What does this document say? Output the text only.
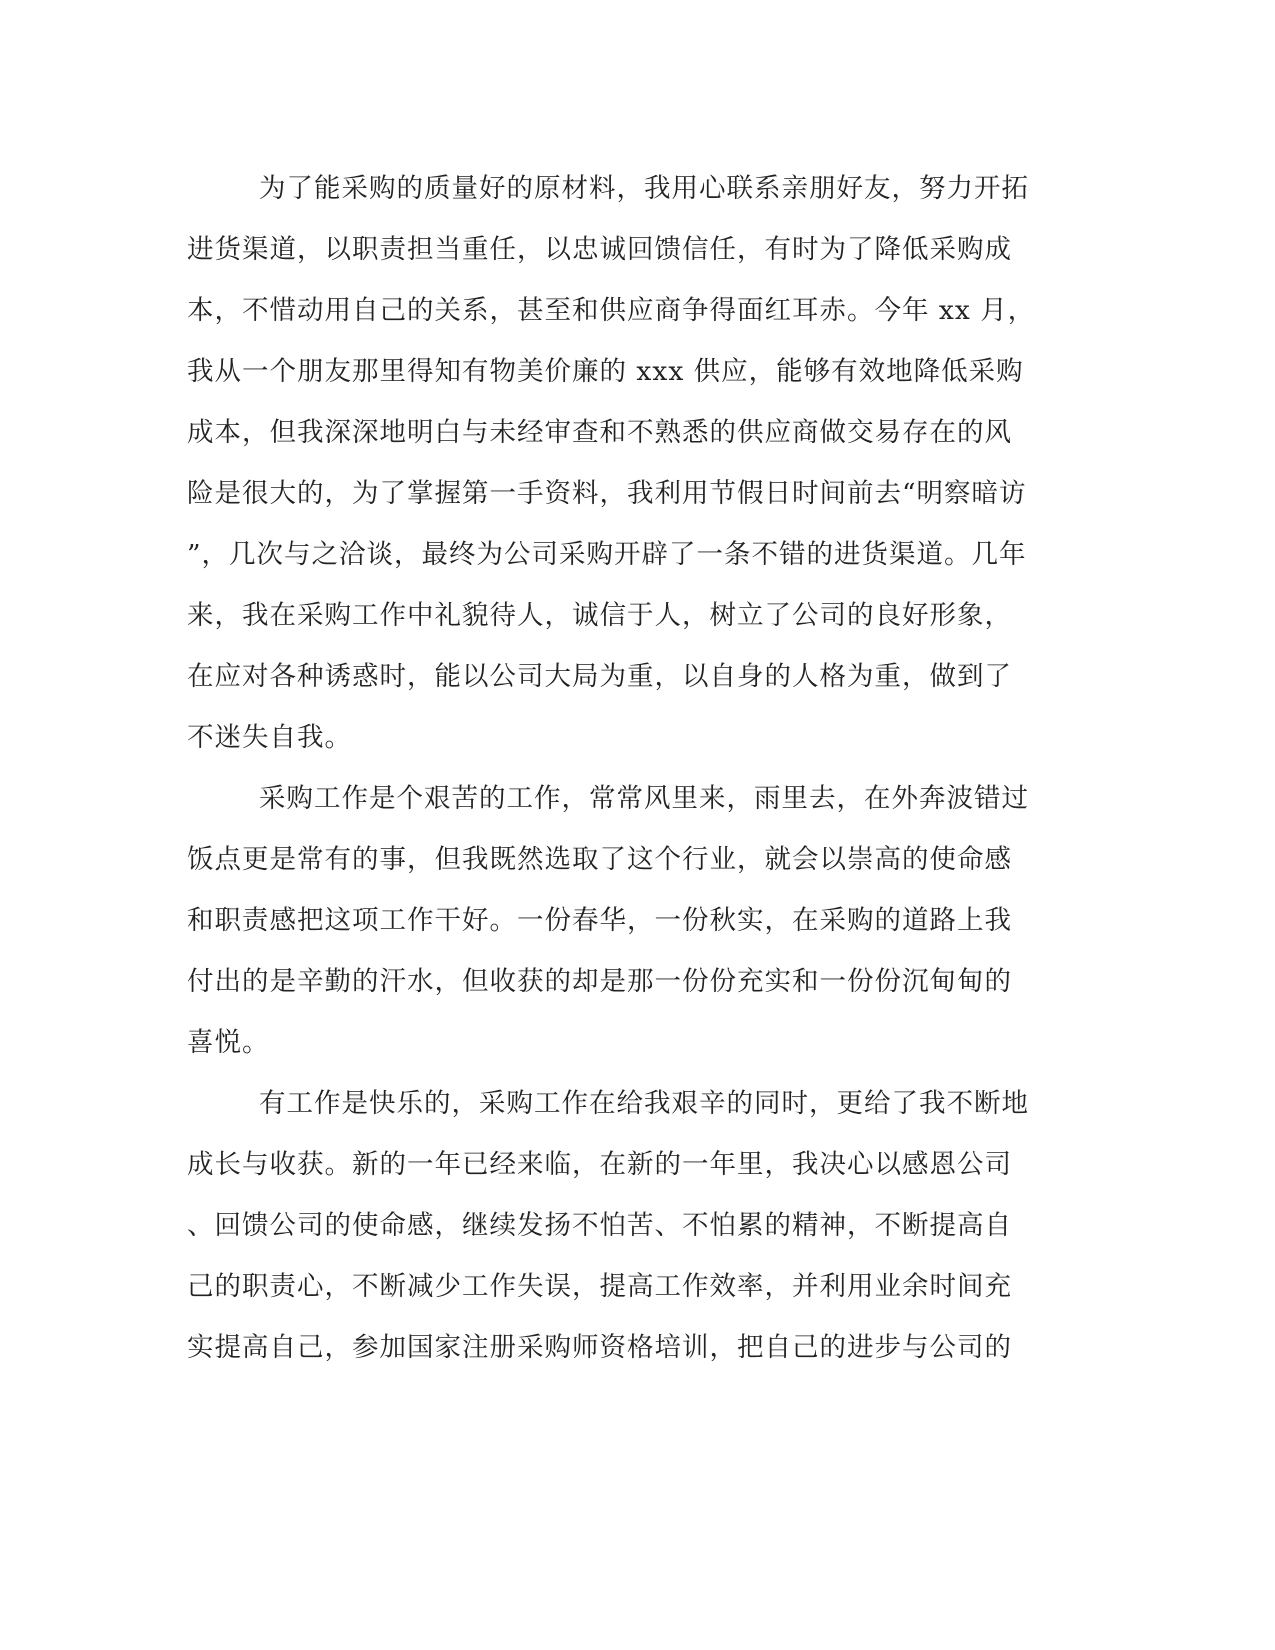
为了能采购的质量好的原材料，我用心联系亲朋好友，努力开拓
进货渠道，以职责担当重任，以忠诚回馈信任，有时为了降低采购成
本，不惜动用自己的关系，甚至和供应商争得面红耳赤。今年 xx 月，
我从一个朋友那里得知有物美价廉的 xxx 供应，能够有效地降低采购
成本，但我深深地明白与未经审查和不熟悉的供应商做交易存在的风
险是很大的，为了掌握第一手资料，我利用节假日时间前去“明察暗访
”，几次与之洽谈，最终为公司采购开辟了一条不错的进货渠道。几年
来，我在采购工作中礼貌待人，诚信于人，树立了公司的良好形象，
在应对各种诱惑时，能以公司大局为重，以自身的人格为重，做到了
不迷失自我。
采购工作是个艰苦的工作，常常风里来，雨里去，在外奔波错过
饭点更是常有的事，但我既然选取了这个行业，就会以崇高的使命感
和职责感把这项工作干好。一份春华，一份秋实，在采购的道路上我
付出的是辛勤的汗水，但收获的却是那一份份充实和一份份沉甸甸的
喜悦。
有工作是快乐的，采购工作在给我艰辛的同时，更给了我不断地
成长与收获。新的一年已经来临，在新的一年里，我决心以感恩公司
、回馈公司的使命感，继续发扬不怕苦、不怕累的精神，不断提高自
己的职责心，不断减少工作失误，提高工作效率，并利用业余时间充
实提高自己，参加国家注册采购师资格培训，把自己的进步与公司的
